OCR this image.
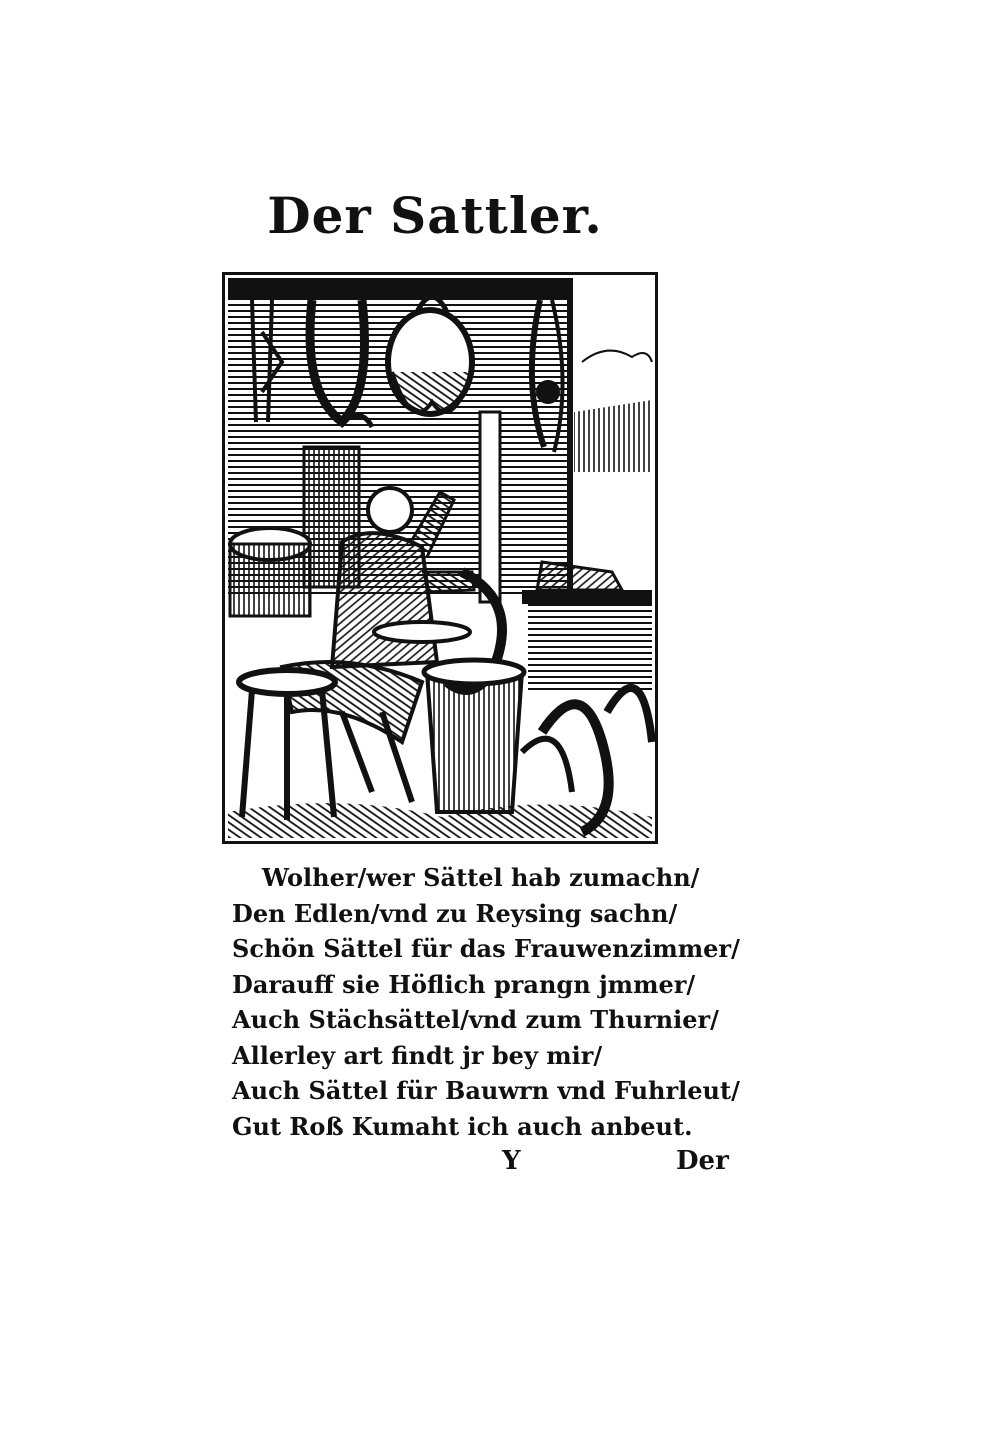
Der Sattler.
Wolher/wer Sättel hab zumachn/
Den Edlen/vnd zu Reysing sachn/
Schön Sättel für das Frauwenzimmer/
Darauff sie Höflich prangn jmmer/
Auch Stächsättel/vnd zum Thurnier/
Allerley art findt jr bey mir/
Auch Sättel für Bauwrn vnd Fuhrleut/
Gut Roß Kumaht ich auch anbeut.
Y	Der
